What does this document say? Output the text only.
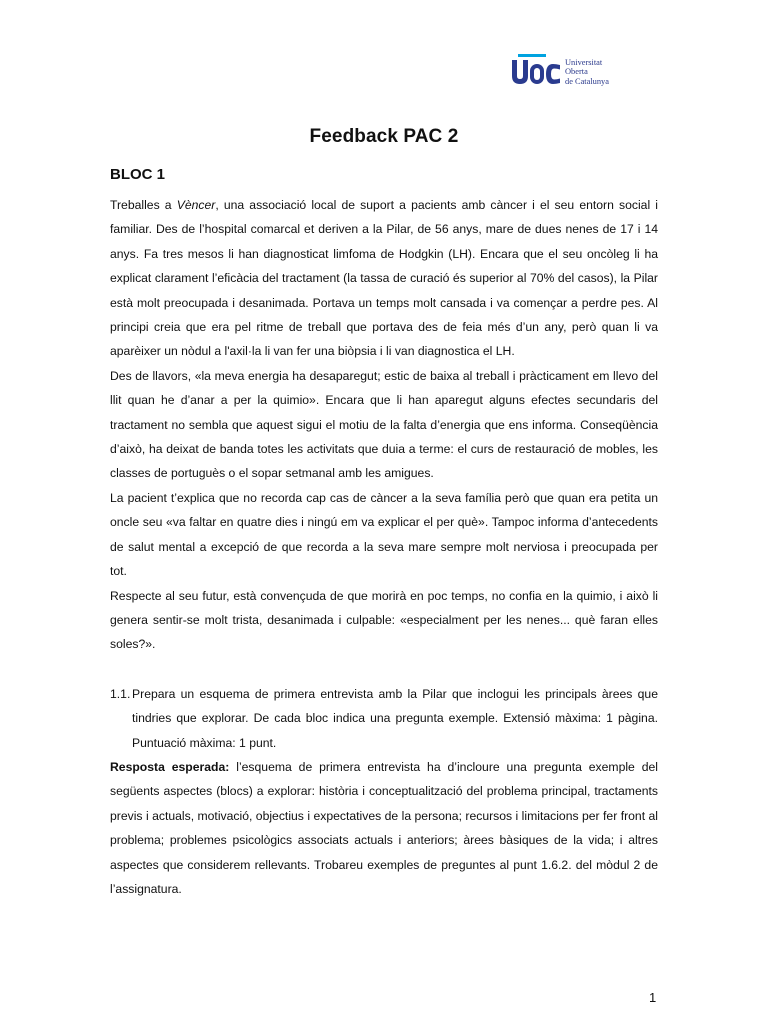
Universitat
Oberta
de Catalunya
Feedback PAC 2
BLOC 1

Treballes a Vèncer, una associació local de suport a pacients amb càncer i el seu entorn social i familiar. Des de l’hospital comarcal et deriven a la Pilar, de 56 anys, mare de dues nenes de 17 i 14 anys. Fa tres mesos li han diagnosticat limfoma de Hodgkin (LH). Encara que el seu oncòleg li ha explicat clarament l’eficàcia del tractament (la tassa de curació és superior al 70% del casos), la Pilar està molt preocupada i desanimada. Portava un temps molt cansada i va començar a perdre pes. Al principi creia que era pel ritme de treball que portava des de feia més d’un any, però quan li va aparèixer un nòdul a l'axil·la li van fer una biòpsia i li van diagnostica el LH.

Des de llavors, «la meva energia ha desaparegut; estic de baixa al treball i pràcticament em llevo del llit quan he d’anar a per la quimio». Encara que li han aparegut alguns efectes secundaris del tractament no sembla que aquest sigui el motiu de la falta d’energia que ens informa. Conseqüència d’això, ha deixat de banda totes les activitats que duia a terme: el curs de restauració de mobles, les classes de portuguès o el sopar setmanal amb les amigues.

La pacient t’explica que no recorda cap cas de càncer a la seva família però que quan era petita un oncle seu «va faltar en quatre dies i ningú em va explicar el per què». Tampoc informa d’antecedents de salut mental a excepció de que recorda a la seva mare sempre molt nerviosa i preocupada per tot.

Respecte al seu futur, està convençuda de que morirà en poc temps, no confia en la quimio, i això li genera sentir-se molt trista, desanimada i culpable: «especialment per les nenes... què faran elles soles?».

1.1. Prepara un esquema de primera entrevista amb la Pilar que inclogui les principals àrees que tindries que explorar. De cada bloc indica una pregunta exemple. Extensió màxima: 1 pàgina. Puntuació màxima: 1 punt.

Resposta esperada: l’esquema de primera entrevista ha d’incloure una pregunta exemple del següents aspectes (blocs) a explorar: història i conceptualització del problema principal, tractaments previs i actuals, motivació, objectius i expectatives de la persona; recursos i limitacions per fer front al problema; problemes psicològics associats actuals i anteriors; àrees bàsiques de la vida; i altres aspectes que considerem rellevants. Trobareu exemples de preguntes al punt 1.6.2. del mòdul 2 de l’assignatura.

1
